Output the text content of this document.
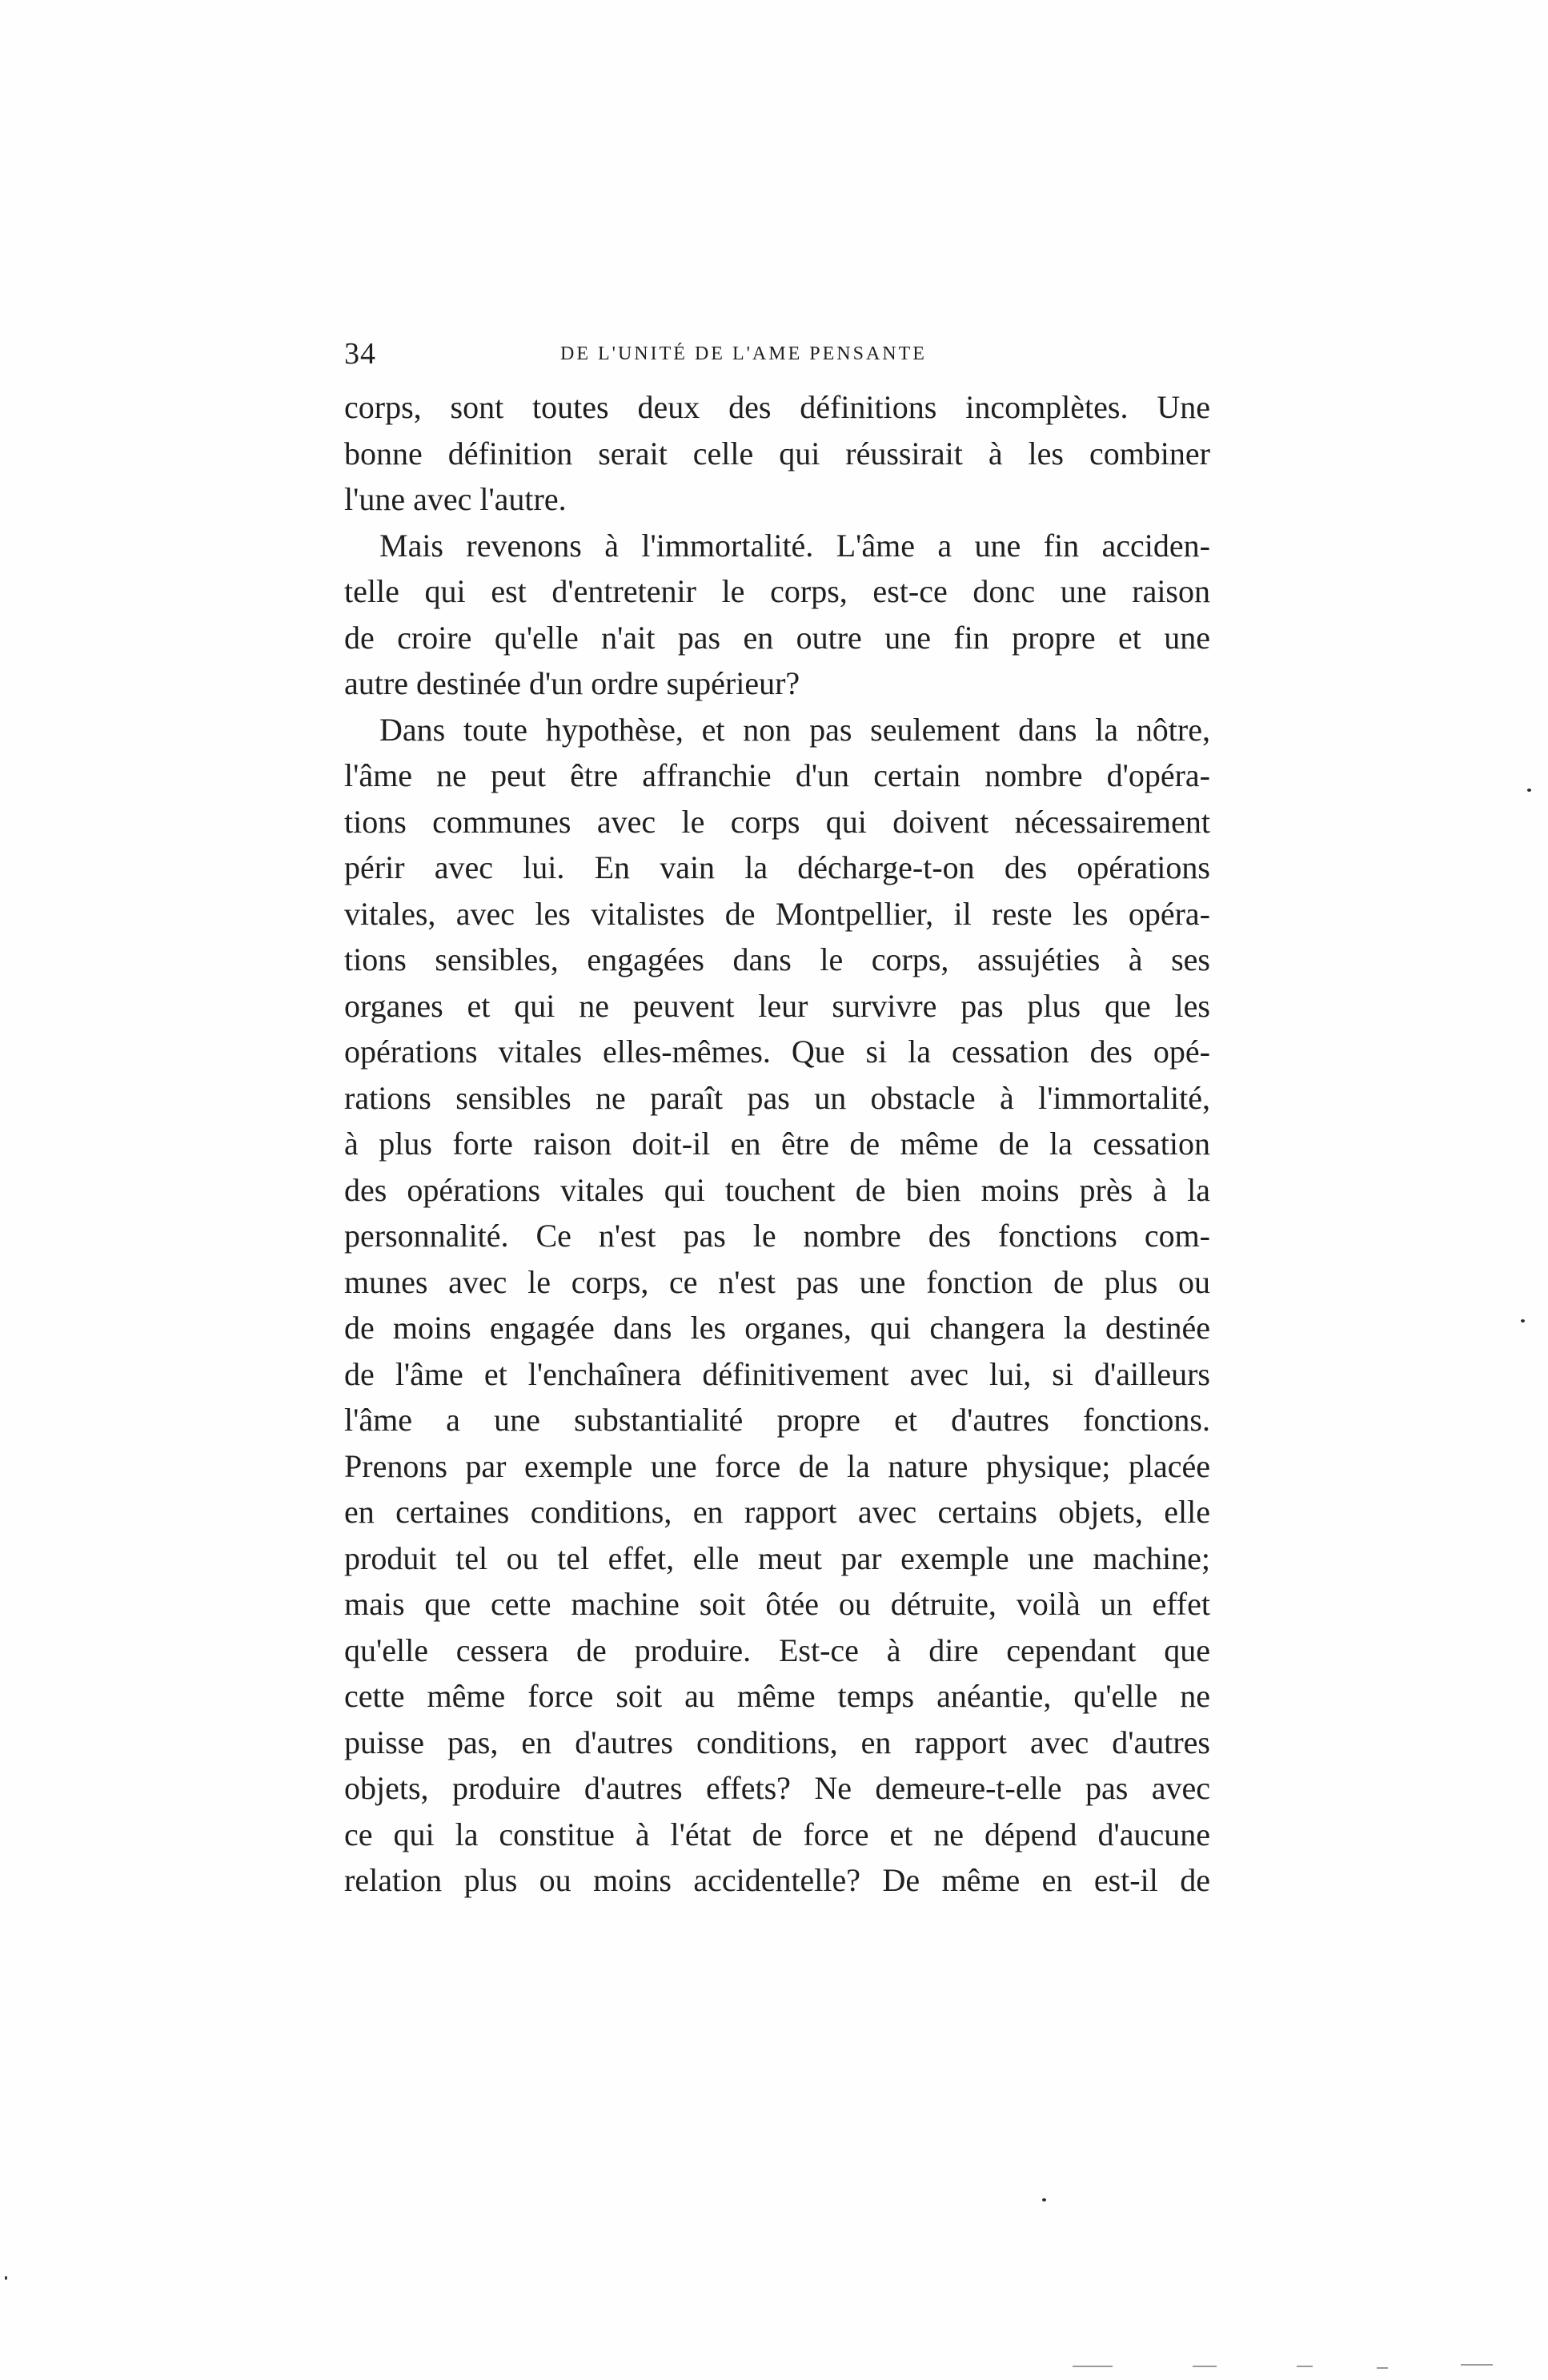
34	DE L'UNITÉ DE L'AME PENSANTE
corps, sont toutes deux des définitions incomplètes. Une
bonne définition serait celle qui réussirait à les combiner
l'une avec l'autre.
Mais revenons à l'immortalité. L'âme a une fin acciden-
telle qui est d'entretenir le corps, est-ce donc une raison
de croire qu'elle n'ait pas en outre une fin propre et une
autre destinée d'un ordre supérieur?
Dans toute hypothèse, et non pas seulement dans la nôtre,
l'âme ne peut être affranchie d'un certain nombre d'opéra-
tions communes avec le corps qui doivent nécessairement
périr avec lui. En vain la décharge-t-on des opérations
vitales, avec les vitalistes de Montpellier, il reste les opéra-
tions sensibles, engagées dans le corps, assujéties à ses
organes et qui ne peuvent leur survivre pas plus que les
opérations vitales elles-mêmes. Que si la cessation des opé-
rations sensibles ne paraît pas un obstacle à l'immortalité,
à plus forte raison doit-il en être de même de la cessation
des opérations vitales qui touchent de bien moins près à la
personnalité. Ce n'est pas le nombre des fonctions com-
munes avec le corps, ce n'est pas une fonction de plus ou
de moins engagée dans les organes, qui changera la destinée
de l'âme et l'enchaînera définitivement avec lui, si d'ailleurs
l'âme a une substantialité propre et d'autres fonctions.
Prenons par exemple une force de la nature physique; placée
en certaines conditions, en rapport avec certains objets, elle
produit tel ou tel effet, elle meut par exemple une machine;
mais que cette machine soit ôtée ou détruite, voilà un effet
qu'elle cessera de produire. Est-ce à dire cependant que
cette même force soit au même temps anéantie, qu'elle ne
puisse pas, en d'autres conditions, en rapport avec d'autres
objets, produire d'autres effets? Ne demeure-t-elle pas avec
ce qui la constitue à l'état de force et ne dépend d'aucune
relation plus ou moins accidentelle? De même en est-il de
